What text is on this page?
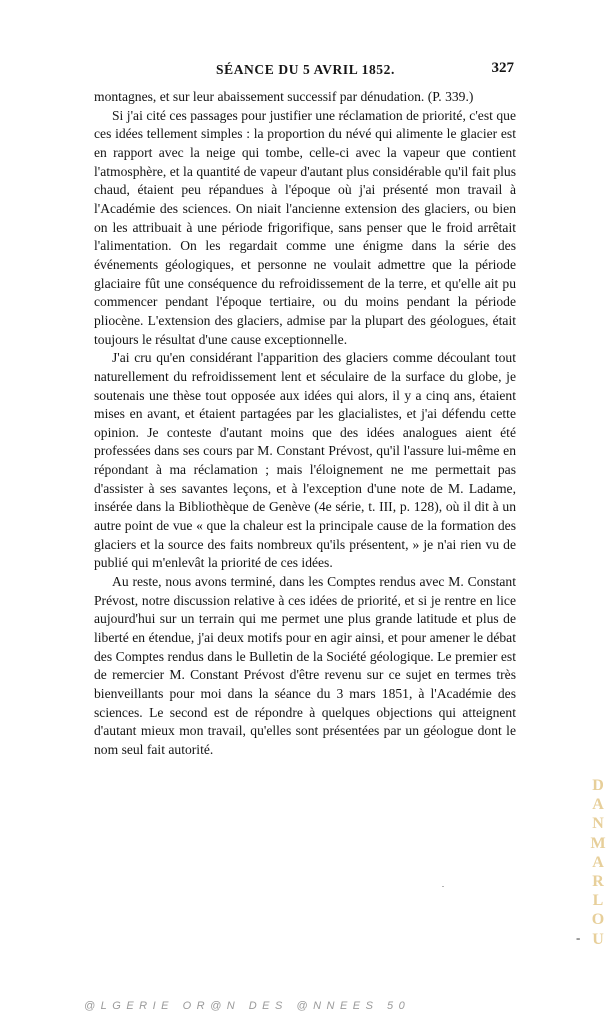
SÉANCE DU 5 AVRIL 1852.	327

montagnes, et sur leur abaissement successif par dénudation. (P. 339.)

Si j'ai cité ces passages pour justifier une réclamation de priorité, c'est que ces idées tellement simples : la proportion du névé qui alimente le glacier est en rapport avec la neige qui tombe, celle-ci avec la vapeur que contient l'atmosphère, et la quantité de vapeur d'autant plus considérable qu'il fait plus chaud, étaient peu répandues à l'époque où j'ai présenté mon travail à l'Académie des sciences. On niait l'ancienne extension des glaciers, ou bien on les attribuait à une période frigorifique, sans penser que le froid arrêtait l'alimentation. On les regardait comme une énigme dans la série des événements géologiques, et personne ne voulait admettre que la période glaciaire fût une conséquence du refroidissement de la terre, et qu'elle ait pu commencer pendant l'époque tertiaire, ou du moins pendant la période pliocène. L'extension des glaciers, admise par la plupart des géologues, était toujours le résultat d'une cause exceptionnelle.

J'ai cru qu'en considérant l'apparition des glaciers comme découlant tout naturellement du refroidissement lent et séculaire de la surface du globe, je soutenais une thèse tout opposée aux idées qui alors, il y a cinq ans, étaient mises en avant, et étaient partagées par les glacialistes, et j'ai défendu cette opinion. Je conteste d'autant moins que des idées analogues aient été professées dans ses cours par M. Constant Prévost, qu'il l'assure lui-même en répondant à ma réclamation ; mais l'éloignement ne me permettait pas d'assister à ses savantes leçons, et à l'exception d'une note de M. Ladame, insérée dans la Bibliothèque de Genève (4e série, t. III, p. 128), où il dit à un autre point de vue « que la chaleur est la principale cause de la formation des glaciers et la source des faits nombreux qu'ils présentent, » je n'ai rien vu de publié qui m'enlevât la priorité de ces idées.

Au reste, nous avons terminé, dans les Comptes rendus avec M. Constant Prévost, notre discussion relative à ces idées de priorité, et si je rentre en lice aujourd'hui sur un terrain qui me permet une plus grande latitude et plus de liberté en étendue, j'ai deux motifs pour en agir ainsi, et pour amener le débat des Comptes rendus dans le Bulletin de la Société géologique. Le premier est de remercier M. Constant Prévost d'être revenu sur ce sujet en termes très bienveillants pour moi dans la séance du 3 mars 1851, à l'Académie des sciences. Le second est de répondre à quelques objections qui atteignent d'autant mieux mon travail, qu'elles sont présentées par un géologue dont le nom seul fait autorité.

.
-
DANMARLOU
@LGERIE OR@N DES @NNEES 50
